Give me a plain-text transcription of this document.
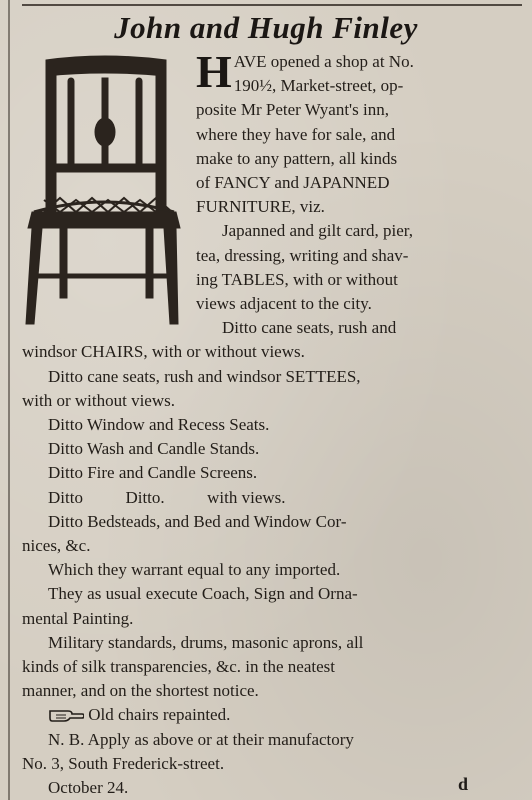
John and Hugh Finley
H AVE opened a shop at No.
190½, Market-street, op-
posite Mr Peter Wyant's inn,
where they have for sale, and
make to any pattern, all kinds
of FANCY and JAPANNED
FURNITURE, viz.
Japanned and gilt card, pier,
tea, dressing, writing and shav-
ing TABLES, with or without
views adjacent to the city.
Ditto cane seats, rush and
windsor CHAIRS, with or without views.
Ditto cane seats, rush and windsor SETTEES,
with or without views.
Ditto Window and Recess Seats.
Ditto Wash and Candle Stands.
Ditto Fire and Candle Screens.
Ditto          Ditto.          with views.
Ditto Bedsteads, and Bed and Window Cor-
nices, &c.
Which they warrant equal to any imported.
They as usual execute Coach, Sign and Orna-
mental Painting.
Military standards, drums, masonic aprons, all
kinds of silk transparencies, &c. in the neatest
manner, and on the shortest notice.
Old chairs repainted.
N. B. Apply as above or at their manufactory
No. 3, South Frederick-street.
October 24.	d
